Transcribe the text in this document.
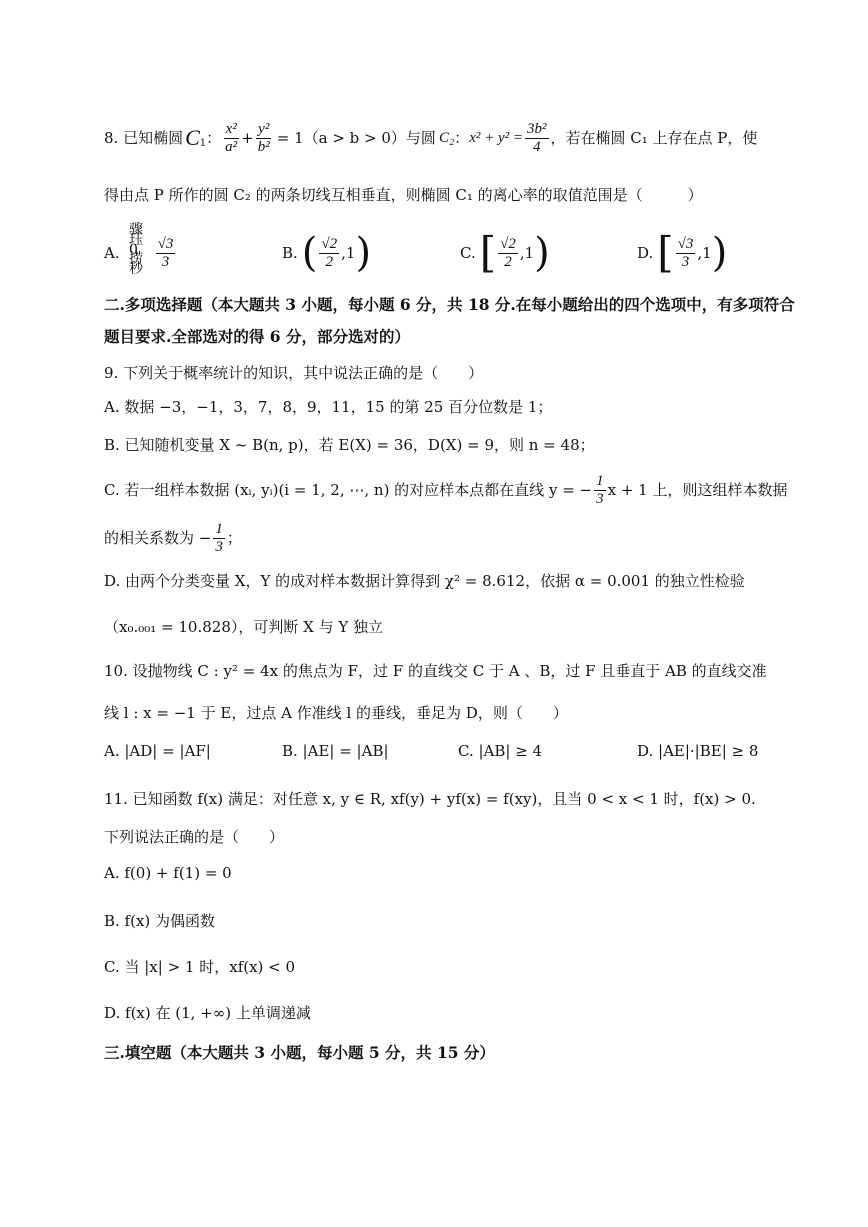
8. 已知椭圆 $C_1$ ： $\frac{\text{x²}}{\text{a²}} + \frac{\text{y²}}{\text{b²}} = 1(a > b > 0)$与圆 C₂ ： $x^2 + y^2 = \frac{\text{3b²}}{4}$ ，若在椭圆 C₁ 上存在点 P，使
得由点 P 所作的圆 C₂ 的两条切线互相垂直，则椭圆 C₁ 的离心率的取值范围是（　　　）
A.
骤
珏
0,
捞
秒 $\frac{√3}{3}$	B. ( $\frac{√2}{2} ,1$ )	C. [ $\frac{√2}{2} ,1$ )	D. [ $\frac{√3}{3} ,1$ )
二.多项选择题（本大题共 3 小题，每小题 6 分，共 18 分.在每小题给出的四个选项中，有多项符合
题目要求.全部选对的得 6 分，部分选对的）
9. 下列关于概率统计的知识，其中说法正确的是（　　）
A. 数据 −3，−1，3，7，8，9，11，15 的第 25 百分位数是 1；
B. 已知随机变量 X ~ B(n, p)，若 E(X) = 36，D(X) = 9，则 n = 48；
C. 若一组样本数据 (xᵢ, yᵢ)(i = 1, 2, ⋯, n) 的对应样本点都在直线 y = − $\frac{1}{3}$ x + 1 上，则这组样本数据
的相关系数为 − $\frac{1}{3}$ ；
D. 由两个分类变量 X，Y 的成对样本数据计算得到 χ² = 8.612，依据 α = 0.001 的独立性检验
（x₀.₀₀₁ = 10.828），可判断 X 与 Y 独立
10. 设抛物线 C : y² = 4x 的焦点为 F，过 F 的直线交 C 于 A 、B，过 F 且垂直于 AB 的直线交准
线 l : x = −1 于 E，过点 A 作准线 l 的垂线，垂足为 D，则（　　）
A. |AD| = |AF|	B. |AE| = |AB|	C. |AB| ≥ 4	D. |AE|·|BE| ≥ 8
11. 已知函数 f(x) 满足：对任意 x, y ∈ R, xf(y) + yf(x) = f(xy)，且当 0 < x < 1 时，f(x) > 0.
下列说法正确的是（　　）
A. f(0) + f(1) = 0
B. f(x) 为偶函数
C. 当 |x| > 1 时，xf(x) < 0
D. f(x) 在 (1, +∞) 上单调递减
三.填空题（本大题共 3 小题，每小题 5 分，共 15 分）
